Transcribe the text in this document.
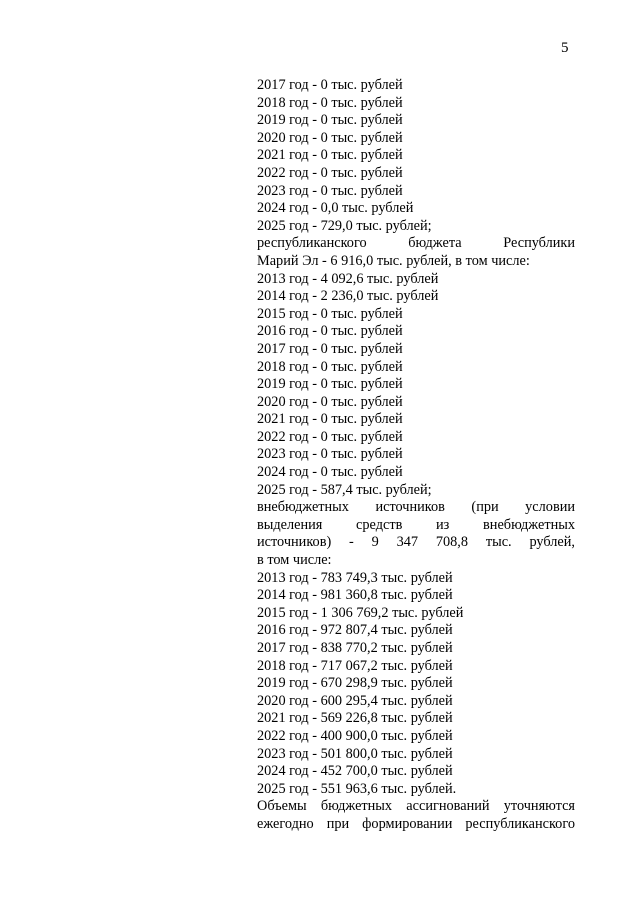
5
2017 год - 0 тыс. рублей
2018 год - 0 тыс. рублей
2019 год - 0 тыс. рублей
2020 год - 0 тыс. рублей
2021 год - 0 тыс. рублей
2022 год - 0 тыс. рублей
2023 год - 0 тыс. рублей
2024 год - 0,0 тыс. рублей
2025 год - 729,0 тыс. рублей;
республиканского бюджета Республики
Марий Эл - 6 916,0 тыс. рублей, в том числе:
2013 год - 4 092,6 тыс. рублей
2014 год - 2 236,0 тыс. рублей
2015 год - 0 тыс. рублей
2016 год - 0 тыс. рублей
2017 год - 0 тыс. рублей
2018 год - 0 тыс. рублей
2019 год - 0 тыс. рублей
2020 год - 0 тыс. рублей
2021 год - 0 тыс. рублей
2022 год - 0 тыс. рублей
2023 год - 0 тыс. рублей
2024 год - 0 тыс. рублей
2025 год - 587,4 тыс. рублей;
внебюджетных источников (при условии
выделения средств из внебюджетных
источников) - 9 347 708,8 тыс. рублей,
в том числе:
2013 год - 783 749,3 тыс. рублей
2014 год - 981 360,8 тыс. рублей
2015 год - 1 306 769,2 тыс. рублей
2016 год - 972 807,4 тыс. рублей
2017 год - 838 770,2 тыс. рублей
2018 год - 717 067,2 тыс. рублей
2019 год - 670 298,9 тыс. рублей
2020 год - 600 295,4 тыс. рублей
2021 год - 569 226,8 тыс. рублей
2022 год - 400 900,0 тыс. рублей
2023 год - 501 800,0 тыс. рублей
2024 год - 452 700,0 тыс. рублей
2025 год - 551 963,6 тыс. рублей.
Объемы бюджетных ассигнований уточняются
ежегодно при формировании республиканского
